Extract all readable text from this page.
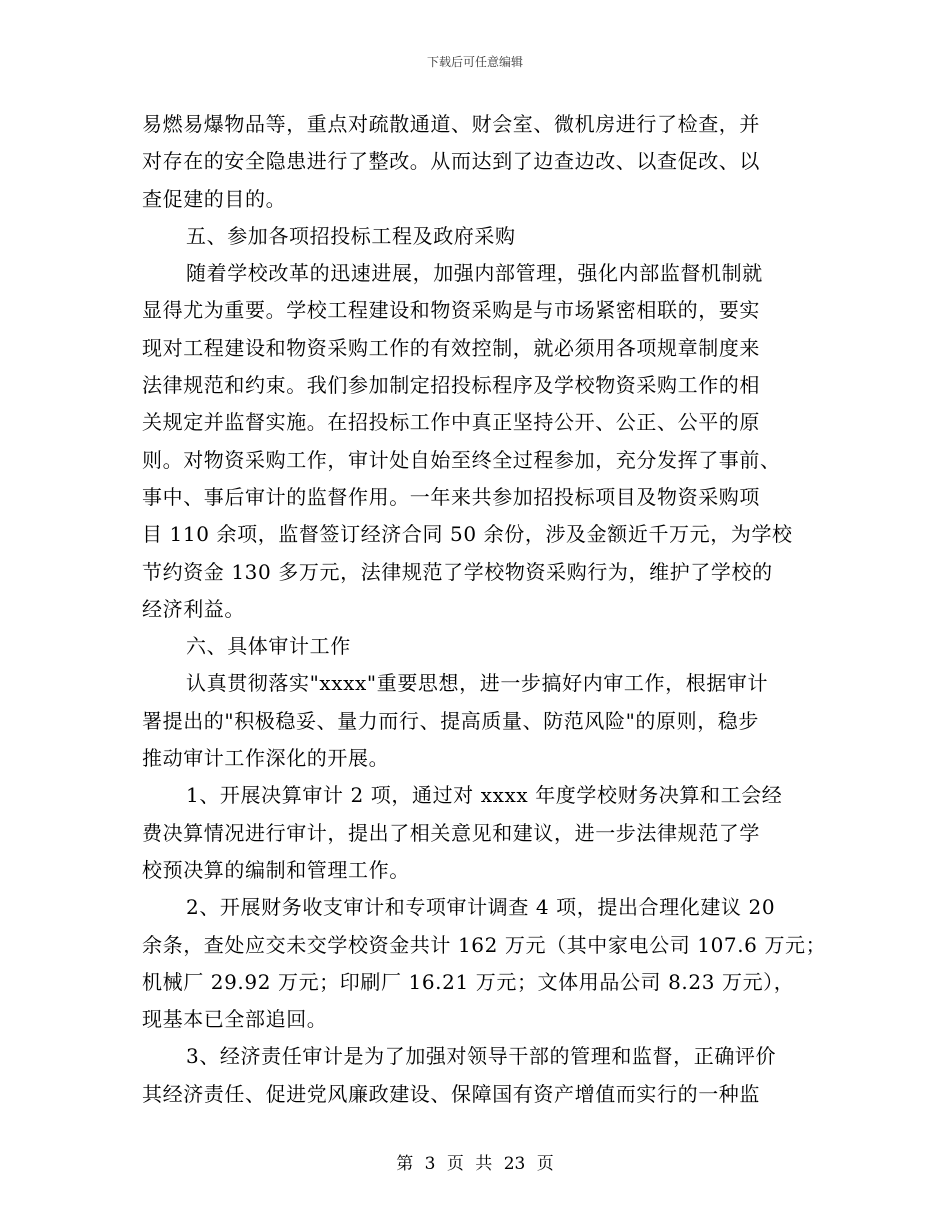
下载后可任意编辑
易燃易爆物品等，重点对疏散通道、财会室、微机房进行了检查，并
对存在的安全隐患进行了整改。从而达到了边查边改、以查促改、以
查促建的目的。
五、参加各项招投标工程及政府采购
随着学校改革的迅速进展，加强内部管理，强化内部监督机制就
显得尤为重要。学校工程建设和物资采购是与市场紧密相联的，要实
现对工程建设和物资采购工作的有效控制，就必须用各项规章制度来
法律规范和约束。我们参加制定招投标程序及学校物资采购工作的相
关规定并监督实施。在招投标工作中真正坚持公开、公正、公平的原
则。对物资采购工作，审计处自始至终全过程参加，充分发挥了事前、
事中、事后审计的监督作用。一年来共参加招投标项目及物资采购项
目 110 余项，监督签订经济合同 50 余份，涉及金额近千万元，为学校
节约资金 130 多万元，法律规范了学校物资采购行为，维护了学校的
经济利益。
六、具体审计工作
认真贯彻落实"xxxx"重要思想，进一步搞好内审工作，根据审计
署提出的"积极稳妥、量力而行、提高质量、防范风险"的原则，稳步
推动审计工作深化的开展。
1、开展决算审计 2 项，通过对 xxxx 年度学校财务决算和工会经
费决算情况进行审计，提出了相关意见和建议，进一步法律规范了学
校预决算的编制和管理工作。
2、开展财务收支审计和专项审计调查 4 项，提出合理化建议 20
余条，查处应交未交学校资金共计 162 万元（其中家电公司 107.6 万元；
机械厂 29.92 万元；印刷厂 16.21 万元；文体用品公司 8.23 万元），
现基本已全部追回。
3、经济责任审计是为了加强对领导干部的管理和监督，正确评价
其经济责任、促进党风廉政建设、保障国有资产增值而实行的一种监
第 3 页 共 23 页
